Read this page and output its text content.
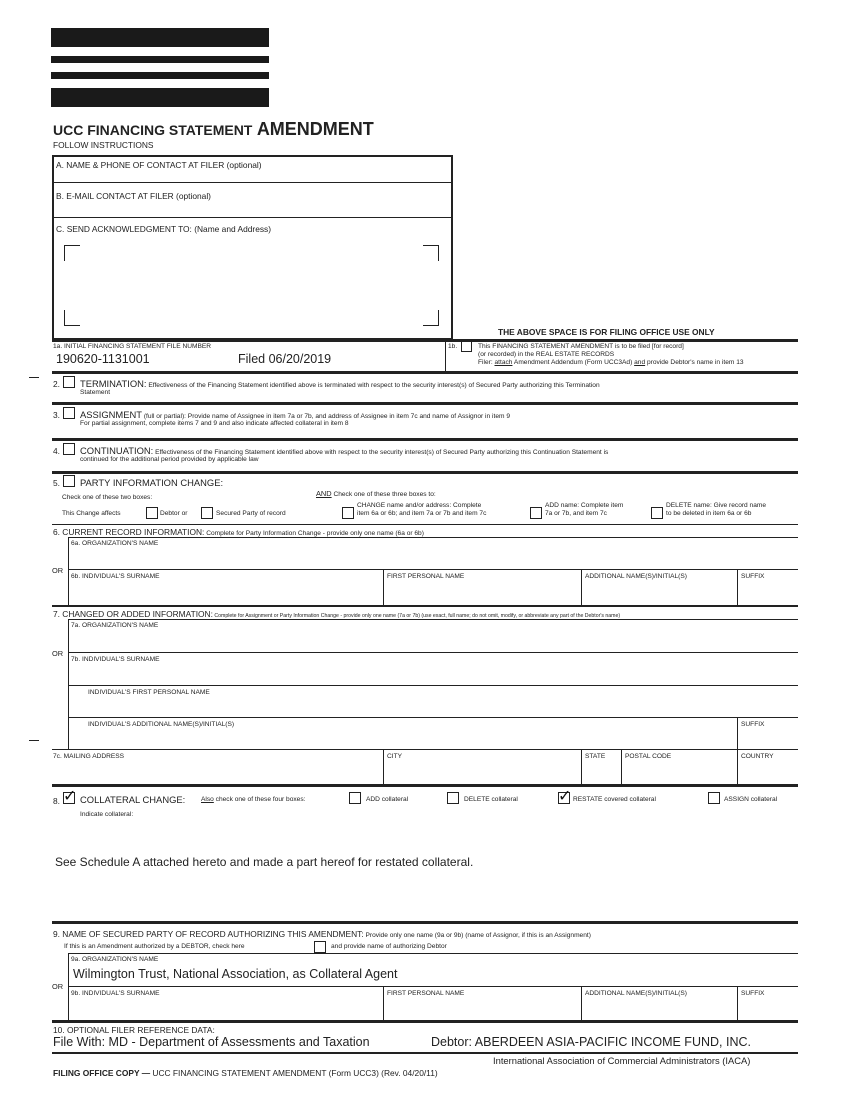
UCC FINANCING STATEMENT AMENDMENT
FOLLOW INSTRUCTIONS
A. NAME & PHONE OF CONTACT AT FILER (optional)
B. E-MAIL CONTACT AT FILER (optional)
C. SEND ACKNOWLEDGMENT TO: (Name and Address)
THE ABOVE SPACE IS FOR FILING OFFICE USE ONLY
1a. INITIAL FINANCING STATEMENT FILE NUMBER
190620-1131001	Filed 06/20/2019
1b.	This FINANCING STATEMENT AMENDMENT is to be filed [for record]
(or recorded) in the REAL ESTATE RECORDS
Filer: attach Amendment Addendum (Form UCC3Ad) and provide Debtor's name in item 13
2. TERMINATION: Effectiveness of the Financing Statement identified above is terminated with respect to the security interest(s) of Secured Party authorizing this Termination
Statement
3. ASSIGNMENT (full or partial): Provide name of Assignee in item 7a or 7b, and address of Assignee in item 7c and name of Assignor in item 9
For partial assignment, complete items 7 and 9 and also indicate affected collateral in item 8
4. CONTINUATION: Effectiveness of the Financing Statement identified above with respect to the security interest(s) of Secured Party authorizing this Continuation Statement is
continued for the additional period provided by applicable law
5. PARTY INFORMATION CHANGE:
Check one of these two boxes:	AND Check one of these three boxes to:
This Change affects	Debtor or	Secured Party of record
CHANGE name and/or address: Complete
item 6a or 6b; and item 7a or 7b and item 7c
ADD name: Complete item
7a or 7b, and item 7c
DELETE name: Give record name
to be deleted in item 6a or 6b
6. CURRENT RECORD INFORMATION: Complete for Party Information Change - provide only one name (6a or 6b)
6a. ORGANIZATION'S NAME
OR
6b. INDIVIDUAL'S SURNAME	FIRST PERSONAL NAME	ADDITIONAL NAME(S)/INITIAL(S)	SUFFIX
7. CHANGED OR ADDED INFORMATION: Complete for Assignment or Party Information Change - provide only one name (7a or 7b) (use exact, full name; do not omit, modify, or abbreviate any part of the Debtor's name)
7a. ORGANIZATION'S NAME
OR
7b. INDIVIDUAL'S SURNAME
INDIVIDUAL'S FIRST PERSONAL NAME
INDIVIDUAL'S ADDITIONAL NAME(S)/INITIAL(S)	SUFFIX
7c. MAILING ADDRESS	CITY	STATE	POSTAL CODE	COUNTRY
8. ✓ COLLATERAL CHANGE: Also check one of these four boxes:	ADD collateral	DELETE collateral	✓ RESTATE covered collateral	ASSIGN collateral
Indicate collateral:
See Schedule A attached hereto and made a part hereof for restated collateral.
9. NAME OF SECURED PARTY OF RECORD AUTHORIZING THIS AMENDMENT: Provide only one name (9a or 9b) (name of Assignor, if this is an Assignment)
If this is an Amendment authorized by a DEBTOR, check here	and provide name of authorizing Debtor
9a. ORGANIZATION'S NAME
Wilmington Trust, National Association, as Collateral Agent
OR
9b. INDIVIDUAL'S SURNAME	FIRST PERSONAL NAME	ADDITIONAL NAME(S)/INITIAL(S)	SUFFIX
10. OPTIONAL FILER REFERENCE DATA:
File With: MD - Department of Assessments and Taxation	Debtor: ABERDEEN ASIA-PACIFIC INCOME FUND, INC.
International Association of Commercial Administrators (IACA)
FILING OFFICE COPY — UCC FINANCING STATEMENT AMENDMENT (Form UCC3) (Rev. 04/20/11)
